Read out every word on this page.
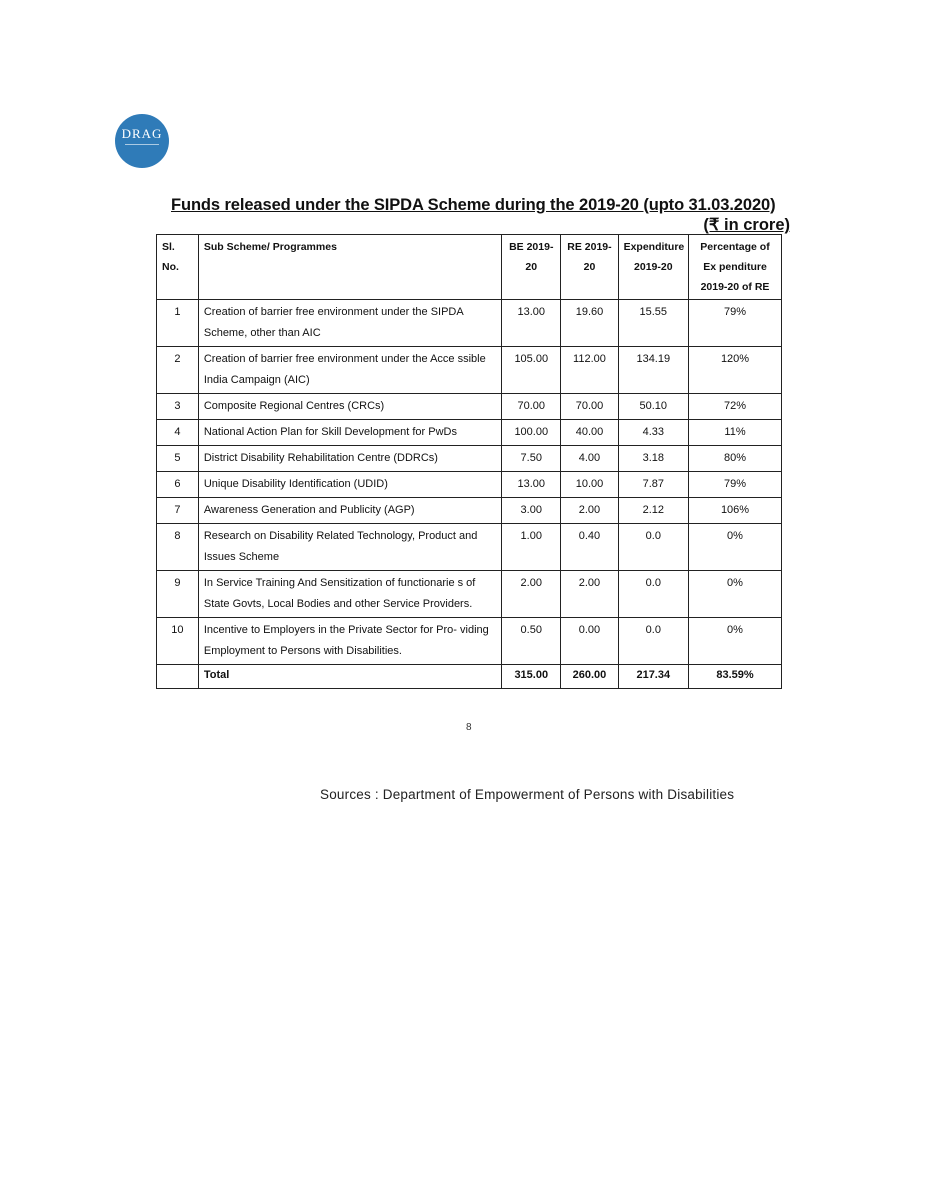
DRAG
Funds released under the SIPDA Scheme during the 2019-20 (upto 31.03.2020)
(₹ in crore)
Sl. No.	Sub Scheme/ Programmes	BE 2019-20	RE 2019-20	Expenditure 2019-20	Percentage of Ex penditure 2019-20 of RE
1	Creation of barrier free environment under the SIPDA Scheme, other than AIC	13.00	19.60	15.55	79%
2	Creation of barrier free environment under the Acce ssible India Campaign (AIC)	105.00	112.00	134.19	120%
3	Composite Regional Centres (CRCs)	70.00	70.00	50.10	72%
4	National Action Plan for Skill Development for PwDs	100.00	40.00	4.33	11%
5	District Disability Rehabilitation Centre (DDRCs)	7.50	4.00	3.18	80%
6	Unique Disability Identification (UDID)	13.00	10.00	7.87	79%
7	Awareness Generation and Publicity (AGP)	3.00	2.00	2.12	106%
8	Research on Disability Related Technology, Product and Issues Scheme	1.00	0.40	0.0	0%
9	In Service Training And Sensitization of functionarie s of State Govts, Local Bodies and other Service Providers.	2.00	2.00	0.0	0%
10	Incentive to Employers in the Private Sector for Pro- viding Employment to Persons with Disabilities.	0.50	0.00	0.0	0%
	Total	315.00	260.00	217.34	83.59%
8
Sources : Department of Empowerment of Persons with Disabilities
